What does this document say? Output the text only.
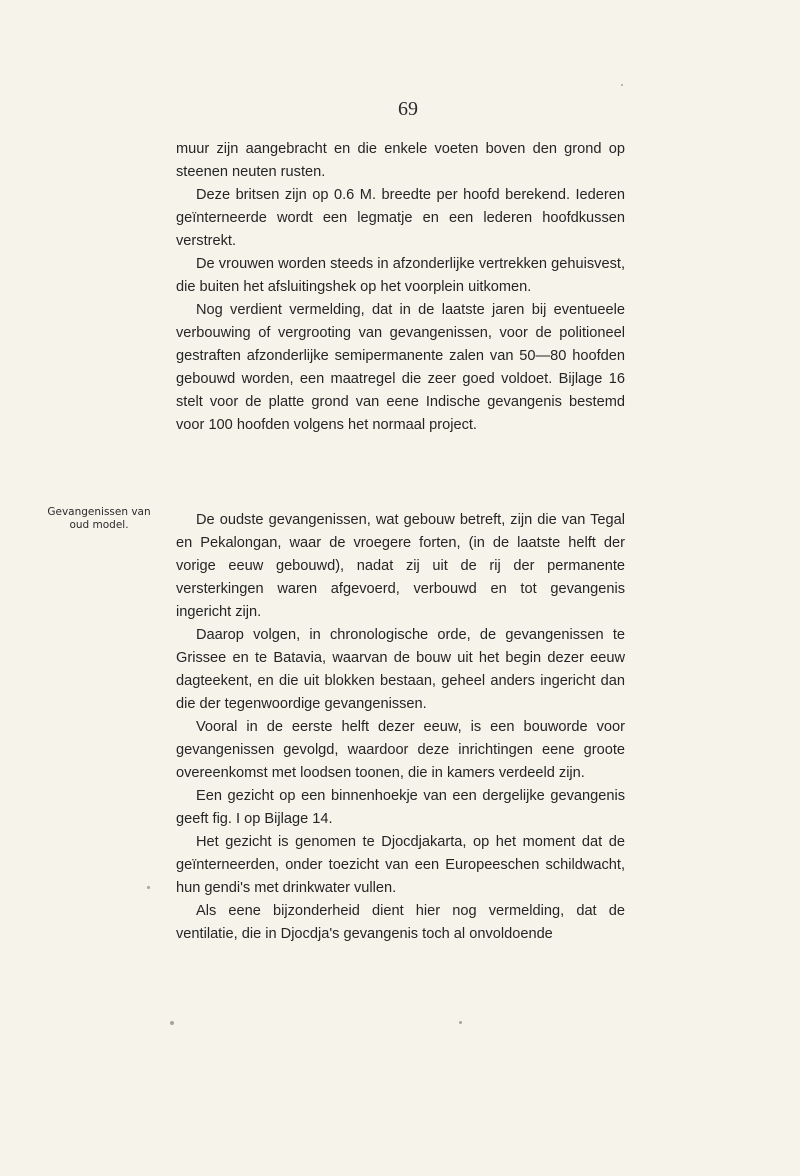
69

muur zijn aangebracht en die enkele voeten boven den grond op steenen neuten rusten.

Deze britsen zijn op 0.6 M. breedte per hoofd berekend. Iederen geïnterneerde wordt een legmatje en een lederen hoofdkussen verstrekt.

De vrouwen worden steeds in afzonderlijke vertrekken gehuisvest, die buiten het afsluitingshek op het voorplein uitkomen.

Nog verdient vermelding, dat in de laatste jaren bij eventueele verbouwing of vergrooting van gevangenissen, voor de politioneel gestraften afzonderlijke semipermanente zalen van 50—80 hoofden gebouwd worden, een maatregel die zeer goed voldoet. Bijlage 16 stelt voor de platte grond van eene Indische gevangenis bestemd voor 100 hoofden volgens het normaal project.

Gevangenissen van oud model.	De oudste gevangenissen, wat gebouw betreft, zijn die van Tegal en Pekalongan, waar de vroegere forten, (in de laatste helft der vorige eeuw gebouwd), nadat zij uit de rij der permanente versterkingen waren afgevoerd, verbouwd en tot gevangenis ingericht zijn.

Daarop volgen, in chronologische orde, de gevangenissen te Grissee en te Batavia, waarvan de bouw uit het begin dezer eeuw dagteekent, en die uit blokken bestaan, geheel anders ingericht dan die der tegenwoordige gevangenissen.

Vooral in de eerste helft dezer eeuw, is een bouworde voor gevangenissen gevolgd, waardoor deze inrichtingen eene groote overeenkomst met loodsen toonen, die in kamers verdeeld zijn.

Een gezicht op een binnenhoekje van een dergelijke gevangenis geeft fig. I op Bijlage 14.

Het gezicht is genomen te Djocdjakarta, op het moment dat de geïnterneerden, onder toezicht van een Europeeschen schildwacht, hun gendi's met drinkwater vullen.

Als eene bijzonderheid dient hier nog vermelding, dat de ventilatie, die in Djocdja's gevangenis toch al onvoldoende
